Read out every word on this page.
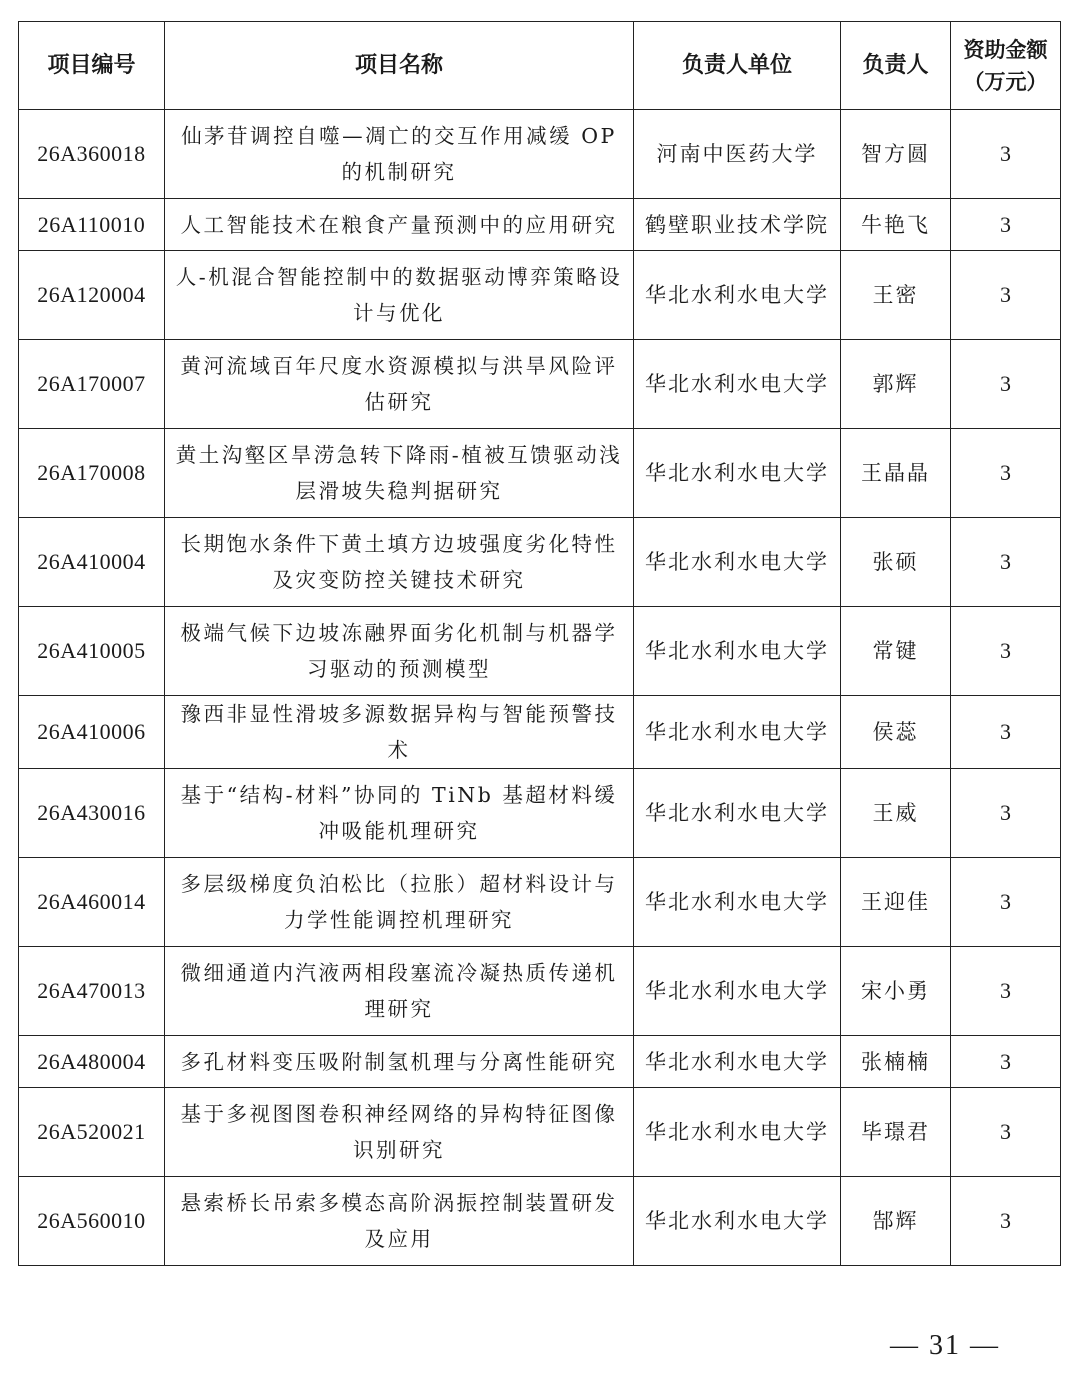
项目编号	项目名称	负责人单位	负责人	资助金额
（万元）

26A360018	仙茅苷调控自噬—凋亡的交互作用减缓 OP 的机制研究	河南中医药大学	智方圆	3
26A110010	人工智能技术在粮食产量预测中的应用研究	鹤壁职业技术学院	牛艳飞	3
26A120004	人-机混合智能控制中的数据驱动博弈策略设计与优化	华北水利水电大学	王密	3
26A170007	黄河流域百年尺度水资源模拟与洪旱风险评估研究	华北水利水电大学	郭辉	3
26A170008	黄土沟壑区旱涝急转下降雨-植被互馈驱动浅层滑坡失稳判据研究	华北水利水电大学	王晶晶	3
26A410004	长期饱水条件下黄土填方边坡强度劣化特性及灾变防控关键技术研究	华北水利水电大学	张硕	3
26A410005	极端气候下边坡冻融界面劣化机制与机器学习驱动的预测模型	华北水利水电大学	常键	3
26A410006	豫西非显性滑坡多源数据异构与智能预警技术	华北水利水电大学	侯蕊	3
26A430016	基于“结构-材料”协同的 TiNb 基超材料缓冲吸能机理研究	华北水利水电大学	王威	3
26A460014	多层级梯度负泊松比（拉胀）超材料设计与力学性能调控机理研究	华北水利水电大学	王迎佳	3
26A470013	微细通道内汽液两相段塞流冷凝热质传递机理研究	华北水利水电大学	宋小勇	3
26A480004	多孔材料变压吸附制氢机理与分离性能研究	华北水利水电大学	张楠楠	3
26A520021	基于多视图图卷积神经网络的异构特征图像识别研究	华北水利水电大学	毕璟君	3
26A560010	悬索桥长吊索多模态高阶涡振控制装置研发及应用	华北水利水电大学	郜辉	3
— 31 —
